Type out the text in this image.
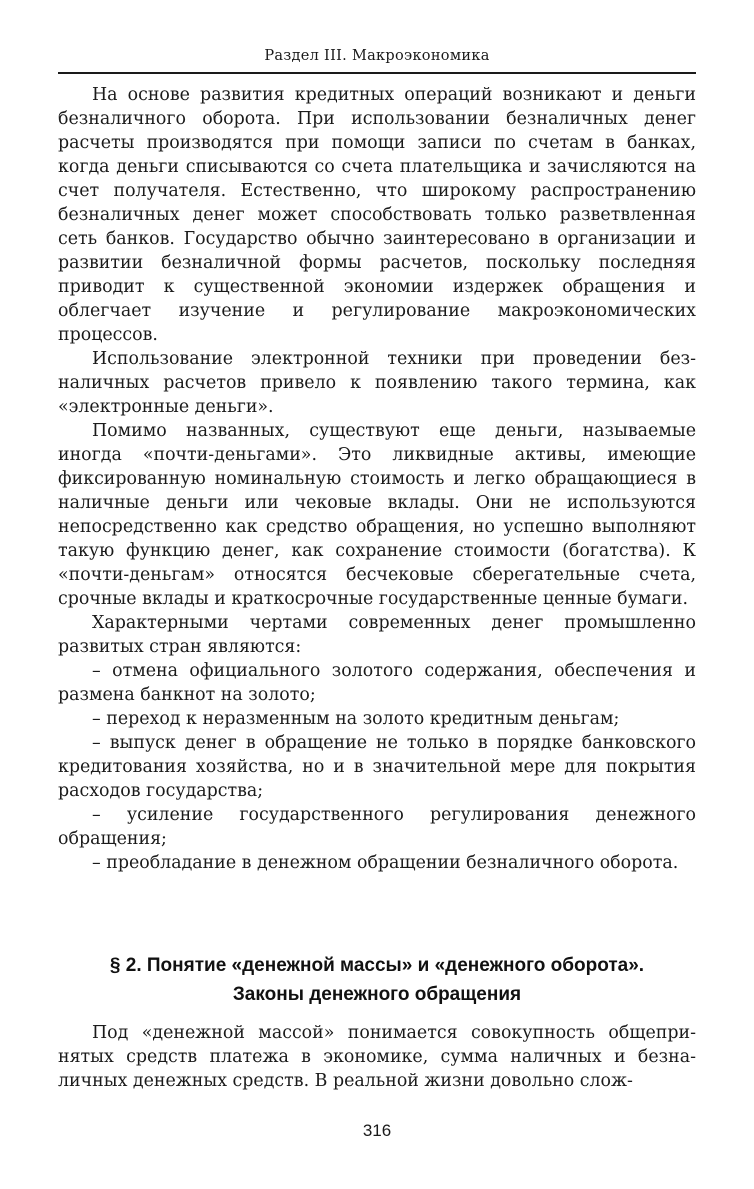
Раздел III. Макроэкономика

На основе развития кредитных операций возникают и деньги безналичного оборота. При использовании безналичных денег расчеты производятся при помощи записи по счетам в банках, когда деньги списываются со счета плательщика и зачисляются на счет получателя. Естественно, что широкому распространению безналичных денег может способствовать только разветвленная сеть банков. Государство обычно заинтересовано в организации и развитии безналичной формы расчетов, поскольку последняя приводит к существенной экономии издержек обращения и облегчает изучение и регулирование макроэкономических процессов.

Использование электронной техники при проведении безналичных расчетов привело к появлению такого термина, как «электронные деньги».

Помимо названных, существуют еще деньги, называемые иногда «почти-деньгами». Это ликвидные активы, имеющие фиксированную номинальную стоимость и легко обращающиеся в наличные деньги или чековые вклады. Они не используются непосредственно как средство обращения, но успешно выполняют такую функцию денег, как сохранение стоимости (богатства). К «почти-деньгам» относятся бесчековые сберегательные счета, срочные вклады и краткосрочные государственные ценные бумаги.

Характерными чертами современных денег промышленно развитых стран являются:

– отмена официального золотого содержания, обеспечения и размена банкнот на золото;

– переход к неразменным на золото кредитным деньгам;

– выпуск денег в обращение не только в порядке банковского кредитования хозяйства, но и в значительной мере для покрытия расходов государства;

– усиление государственного регулирования денежного обращения;

– преобладание в денежном обращении безналичного оборота.

§ 2. Понятие «денежной массы» и «денежного оборота».
Законы денежного обращения

Под «денежной массой» понимается совокупность общепринятых средств платежа в экономике, сумма наличных и безналичных денежных средств. В реальной жизни довольно слож-

316
